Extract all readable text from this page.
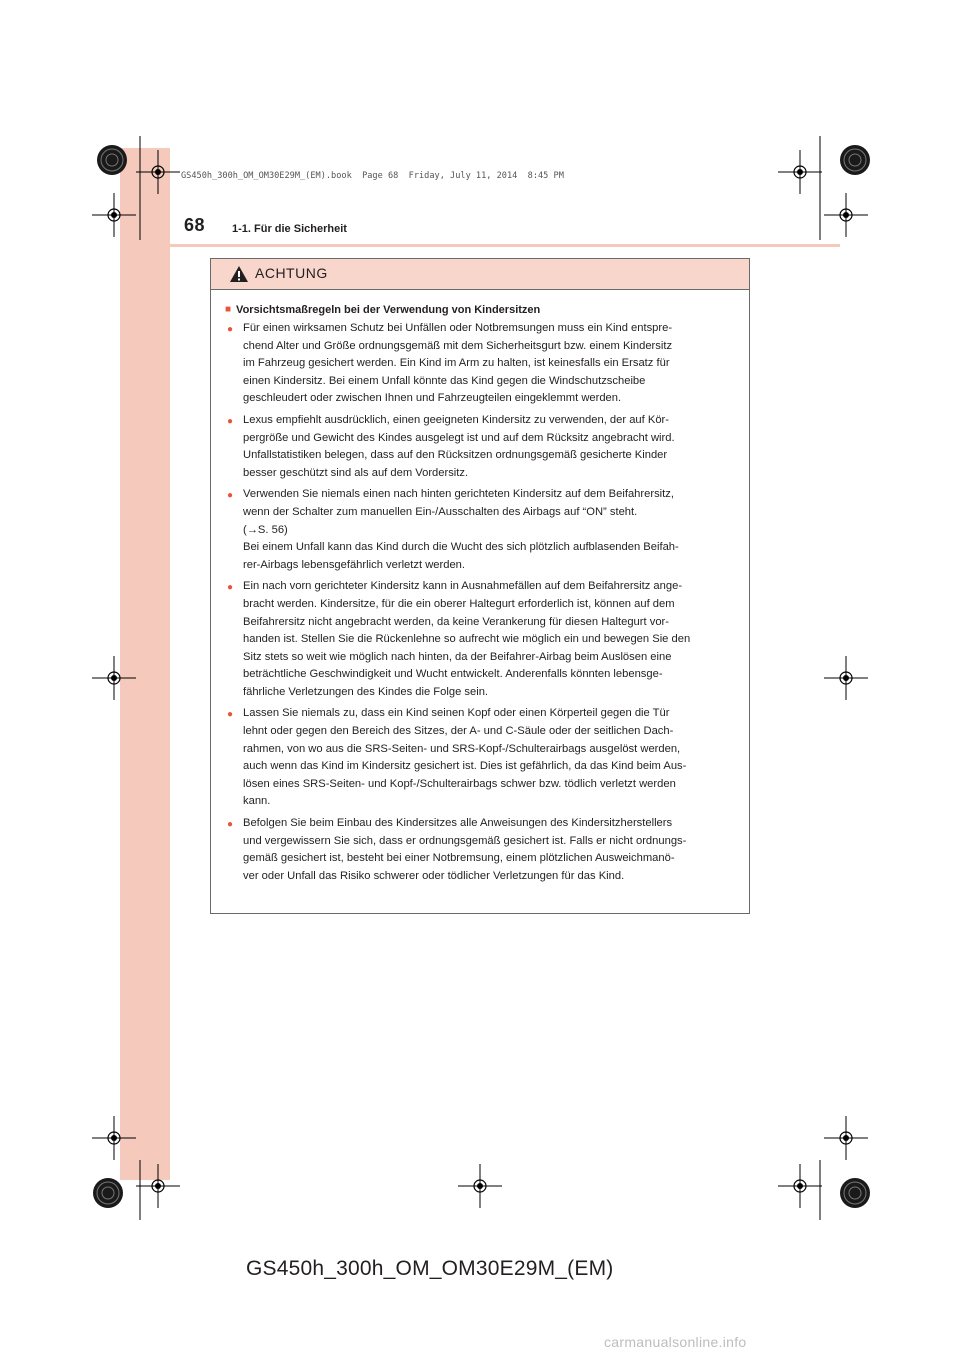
GS450h_300h_OM_OM30E29M_(EM).book  Page 68  Friday, July 11, 2014  8:45 PM
68 1-1. Für die Sicherheit
ACHTUNG
■ Vorsichtsmaßregeln bei der Verwendung von Kindersitzen
● Für einen wirksamen Schutz bei Unfällen oder Notbremsungen muss ein Kind entspre-
chend Alter und Größe ordnungsgemäß mit dem Sicherheitsgurt bzw. einem Kindersitz
im Fahrzeug gesichert werden. Ein Kind im Arm zu halten, ist keinesfalls ein Ersatz für
einen Kindersitz. Bei einem Unfall könnte das Kind gegen die Windschutzscheibe
geschleudert oder zwischen Ihnen und Fahrzeugteilen eingeklemmt werden.
● Lexus empfiehlt ausdrücklich, einen geeigneten Kindersitz zu verwenden, der auf Kör-
pergröße und Gewicht des Kindes ausgelegt ist und auf dem Rücksitz angebracht wird.
Unfallstatistiken belegen, dass auf den Rücksitzen ordnungsgemäß gesicherte Kinder
besser geschützt sind als auf dem Vordersitz.
● Verwenden Sie niemals einen nach hinten gerichteten Kindersitz auf dem Beifahrersitz,
wenn der Schalter zum manuellen Ein-/Ausschalten des Airbags auf “ON” steht.
(→S. 56)
Bei einem Unfall kann das Kind durch die Wucht des sich plötzlich aufblasenden Beifah-
rer-Airbags lebensgefährlich verletzt werden.
● Ein nach vorn gerichteter Kindersitz kann in Ausnahmefällen auf dem Beifahrersitz ange-
bracht werden. Kindersitze, für die ein oberer Haltegurt erforderlich ist, können auf dem
Beifahrersitz nicht angebracht werden, da keine Verankerung für diesen Haltegurt vor-
handen ist. Stellen Sie die Rückenlehne so aufrecht wie möglich ein und bewegen Sie den
Sitz stets so weit wie möglich nach hinten, da der Beifahrer-Airbag beim Auslösen eine
beträchtliche Geschwindigkeit und Wucht entwickelt. Anderenfalls könnten lebensge-
fährliche Verletzungen des Kindes die Folge sein.
● Lassen Sie niemals zu, dass ein Kind seinen Kopf oder einen Körperteil gegen die Tür
lehnt oder gegen den Bereich des Sitzes, der A- und C-Säule oder der seitlichen Dach-
rahmen, von wo aus die SRS-Seiten- und SRS-Kopf-/Schulterairbags ausgelöst werden,
auch wenn das Kind im Kindersitz gesichert ist. Dies ist gefährlich, da das Kind beim Aus-
lösen eines SRS-Seiten- und Kopf-/Schulterairbags schwer bzw. tödlich verletzt werden
kann.
● Befolgen Sie beim Einbau des Kindersitzes alle Anweisungen des Kindersitzherstellers
und vergewissern Sie sich, dass er ordnungsgemäß gesichert ist. Falls er nicht ordnungs-
gemäß gesichert ist, besteht bei einer Notbremsung, einem plötzlichen Ausweichmanö-
ver oder Unfall das Risiko schwerer oder tödlicher Verletzungen für das Kind.
GS450h_300h_OM_OM30E29M_(EM)
carmanualsonline.info
